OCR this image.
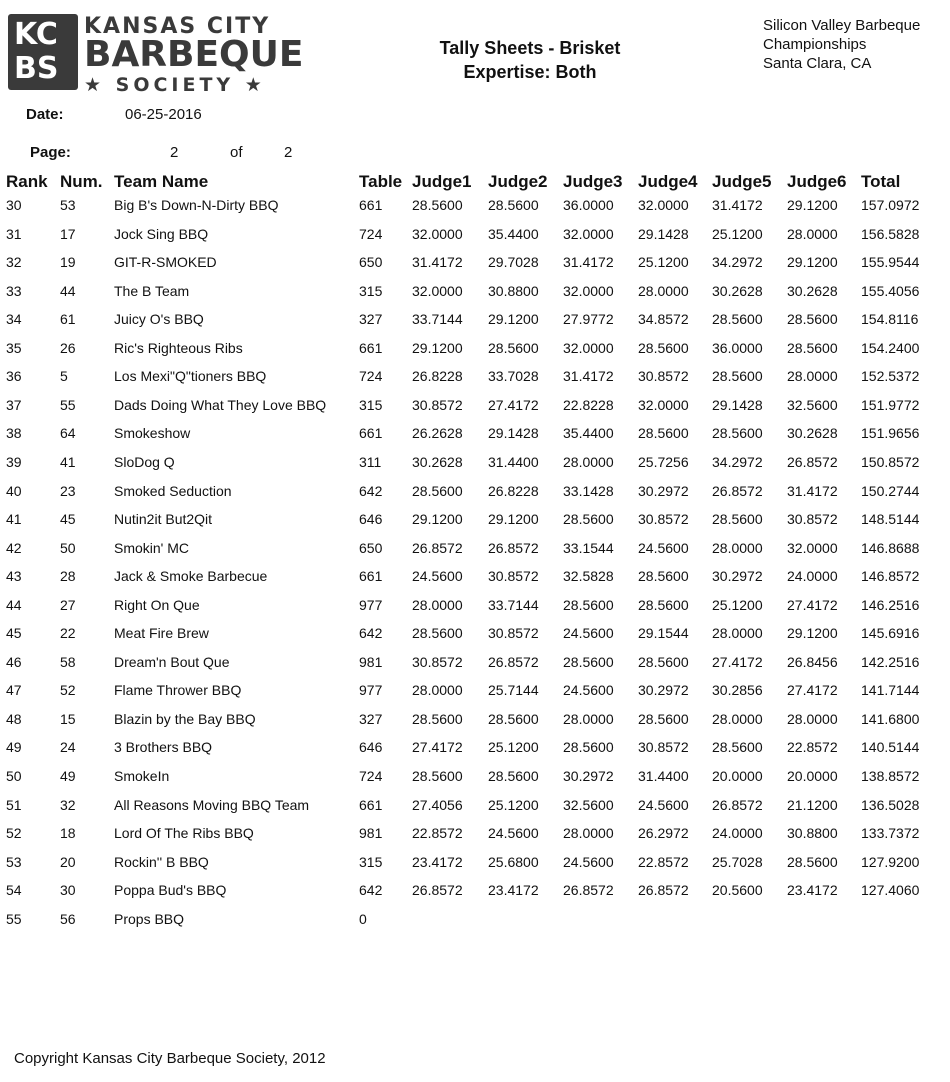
KC
BS
KANSAS CITY
BARBEQUE
★ SOCIETY ★
Tally Sheets - Brisket
Expertise: Both
Silicon Valley Barbeque
Championships
Santa Clara, CA
Date:	06-25-2016
Page:	2	of	2
Rank Num. Team Name	Table Judge1 Judge2 Judge3 Judge4 Judge5 Judge6 Total
30	53	Big B's Down-N-Dirty BBQ	661 28.5600 28.5600 36.0000 32.0000 31.4172 29.1200 157.0972
31	17	Jock Sing BBQ	724 32.0000 35.4400 32.0000 29.1428 25.1200 28.0000 156.5828
32	19	GIT-R-SMOKED	650 31.4172 29.7028 31.4172 25.1200 34.2972 29.1200 155.9544
33	44	The B Team	315 32.0000 30.8800 32.0000 28.0000 30.2628 30.2628 155.4056
34	61	Juicy O's BBQ	327 33.7144 29.1200 27.9772 34.8572 28.5600 28.5600 154.8116
35	26	Ric's Righteous Ribs	661 29.1200 28.5600 32.0000 28.5600 36.0000 28.5600 154.2400
36	5	Los Mexi"Q"tioners BBQ	724 26.8228 33.7028 31.4172 30.8572 28.5600 28.0000 152.5372
37	55	Dads Doing What They Love BBQ 315 30.8572 27.4172 22.8228 32.0000 29.1428 32.5600 151.9772
38	64	Smokeshow	661 26.2628 29.1428 35.4400 28.5600 28.5600 30.2628 151.9656
39	41	SloDog Q	311 30.2628 31.4400 28.0000 25.7256 34.2972 26.8572 150.8572
40	23	Smoked Seduction	642 28.5600 26.8228 33.1428 30.2972 26.8572 31.4172 150.2744
41	45	Nutin2it But2Qit	646 29.1200 29.1200 28.5600 30.8572 28.5600 30.8572 148.5144
42	50	Smokin' MC	650 26.8572 26.8572 33.1544 24.5600 28.0000 32.0000 146.8688
43	28	Jack & Smoke Barbecue	661 24.5600 30.8572 32.5828 28.5600 30.2972 24.0000 146.8572
44	27	Right On Que	977 28.0000 33.7144 28.5600 28.5600 25.1200 27.4172 146.2516
45	22	Meat Fire Brew	642 28.5600 30.8572 24.5600 29.1544 28.0000 29.1200 145.6916
46	58	Dream'n Bout Que	981 30.8572 26.8572 28.5600 28.5600 27.4172 26.8456 142.2516
47	52	Flame Thrower BBQ	977 28.0000 25.7144 24.5600 30.2972 30.2856 27.4172 141.7144
48	15	Blazin by the Bay BBQ	327 28.5600 28.5600 28.0000 28.5600 28.0000 28.0000 141.6800
49	24	3 Brothers BBQ	646 27.4172 25.1200 28.5600 30.8572 28.5600 22.8572 140.5144
50	49	SmokeIn	724 28.5600 28.5600 30.2972 31.4400 20.0000 20.0000 138.8572
51	32	All Reasons Moving BBQ Team	661 27.4056 25.1200 32.5600 24.5600 26.8572 21.1200 136.5028
52	18	Lord Of The Ribs BBQ	981 22.8572 24.5600 28.0000 26.2972 24.0000 30.8800 133.7372
53	20	Rockin'' B BBQ	315 23.4172 25.6800 24.5600 22.8572 25.7028 28.5600 127.9200
54	30	Poppa Bud's BBQ	642 26.8572 23.4172 26.8572 26.8572 20.5600 23.4172 127.4060
55	56	Props BBQ	0
Copyright Kansas City Barbeque Society, 2012
